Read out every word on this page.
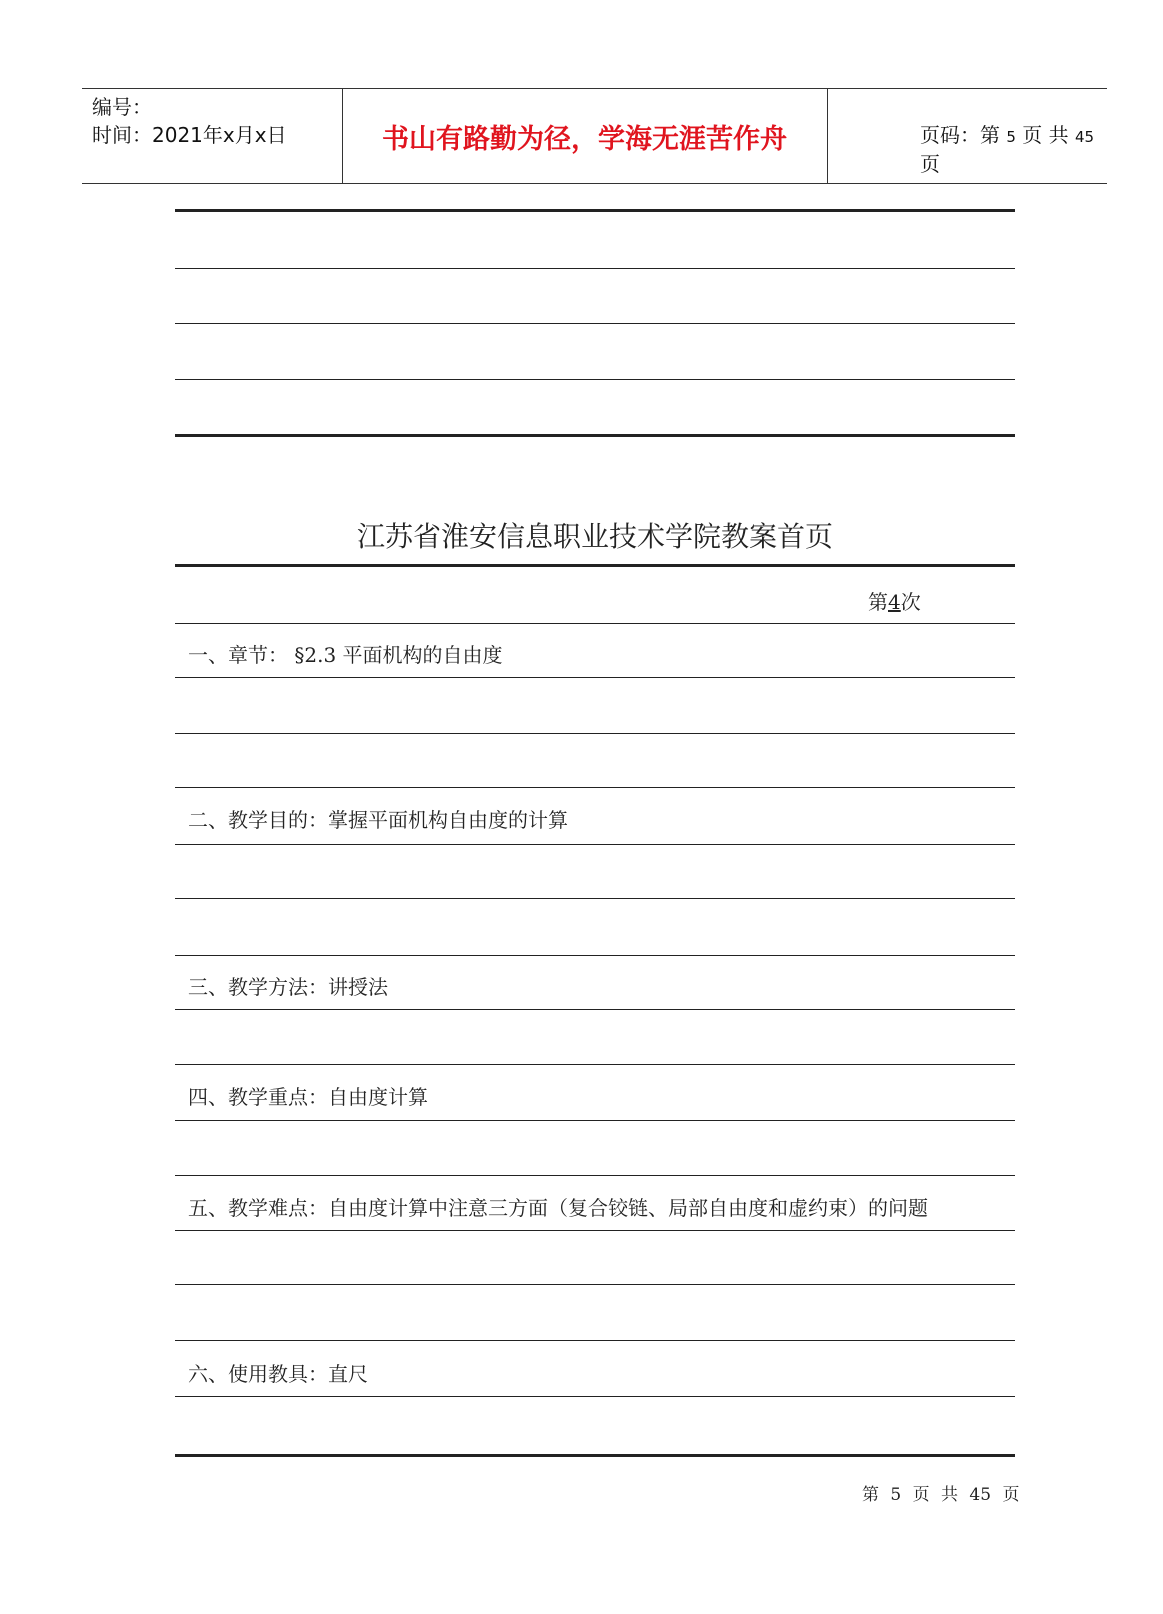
编号：
时间：2021年x月x日	书山有路勤为径，学海无涯苦作舟	页码：第 5 页 共 45 页
江苏省淮安信息职业技术学院教案首页
第4次
一、章节： §2.3 平面机构的自由度
二、教学目的：掌握平面机构自由度的计算
三、教学方法：讲授法
四、教学重点：自由度计算
五、教学难点：自由度计算中注意三方面（复合铰链、局部自由度和虚约束）的问题
六、使用教具：直尺
第 5 页 共 45 页
